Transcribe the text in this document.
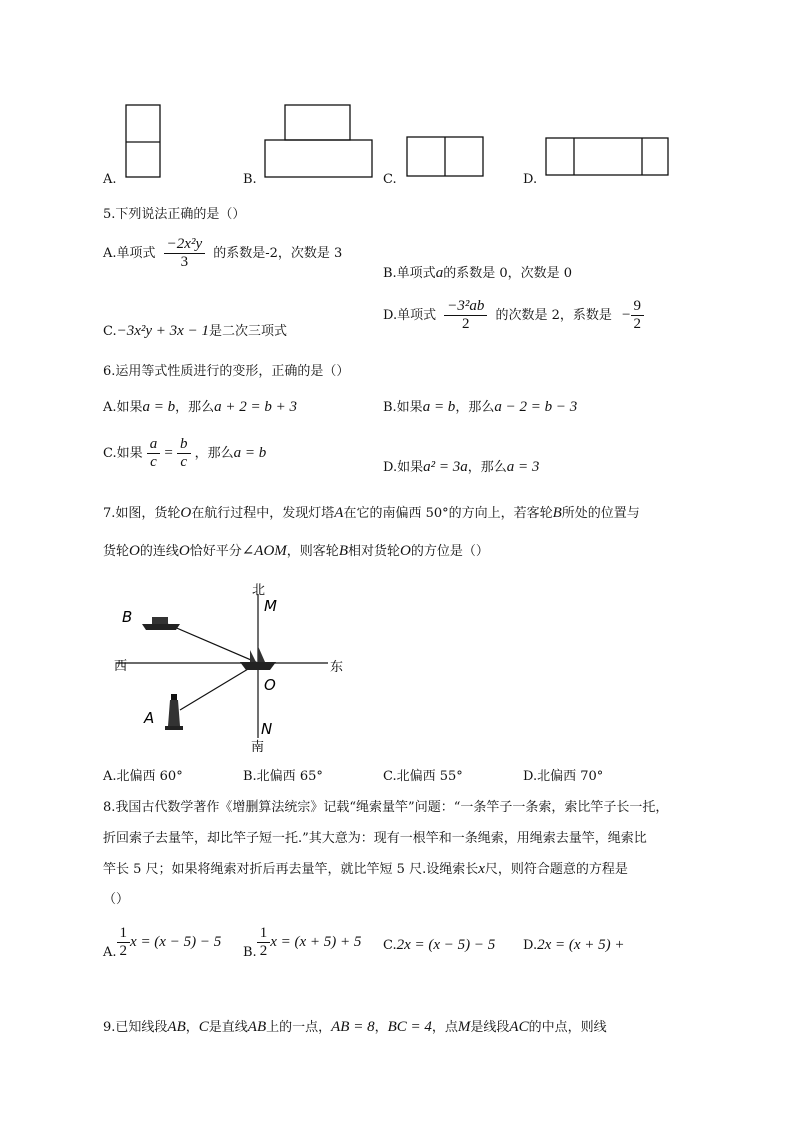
A.	B.	C.	D.
5.下列说法正确的是（）
A.单项式 $\frac{\text{−2x²y}}{3}$ 的系数是-2，次数是 3
B.单项式a的系数是 0，次数是 0
C.−3x²y + 3x − 1是二次三项式
D.单项式 $\frac{\text{−3²ab}}{2}$ 的次数是 2，系数是 − $\frac{9}{2}$
6.运用等式性质进行的变形，正确的是（）
A.如果a = b，那么a + 2 = b + 3	B.如果a = b，那么a − 2 = b − 3
C.如果 $\frac{a}{c} = \frac{b}{c}$ ，那么a = b
D.如果a² = 3a，那么a = 3
7.如图，货轮O在航行过程中，发现灯塔A在它的南偏西 50°的方向上，若客轮B所处的位置与
货轮O的连线O恰好平分∠AOM，则客轮B相对货轮O的方位是（）
北
南
西	东
M
N
O
A
B
A.北偏西 60°	B.北偏西 65°	C.北偏西 55°	D.北偏西 70°
8.我国古代数学著作《增删算法统宗》记载“绳索量竿”问题：“一条竿子一条索，索比竿子长一托，
折回索子去量竿，却比竿子短一托.”其大意为：现有一根竿和一条绳索，用绳索去量竿，绳索比
竿长 5 尺；如果将绳索对折后再去量竿，就比竿短 5 尺.设绳索长x尺，则符合题意的方程是
（）
A. $\frac{1}{2}$ x = (x − 5) − 5
B. $\frac{1}{2}$ x = (x + 5) + 5 C.2x = (x − 5) − 5 D.2x = (x + 5) +
9.已知线段AB，C是直线AB上的一点，AB = 8，BC = 4，点M是线段AC的中点，则线
